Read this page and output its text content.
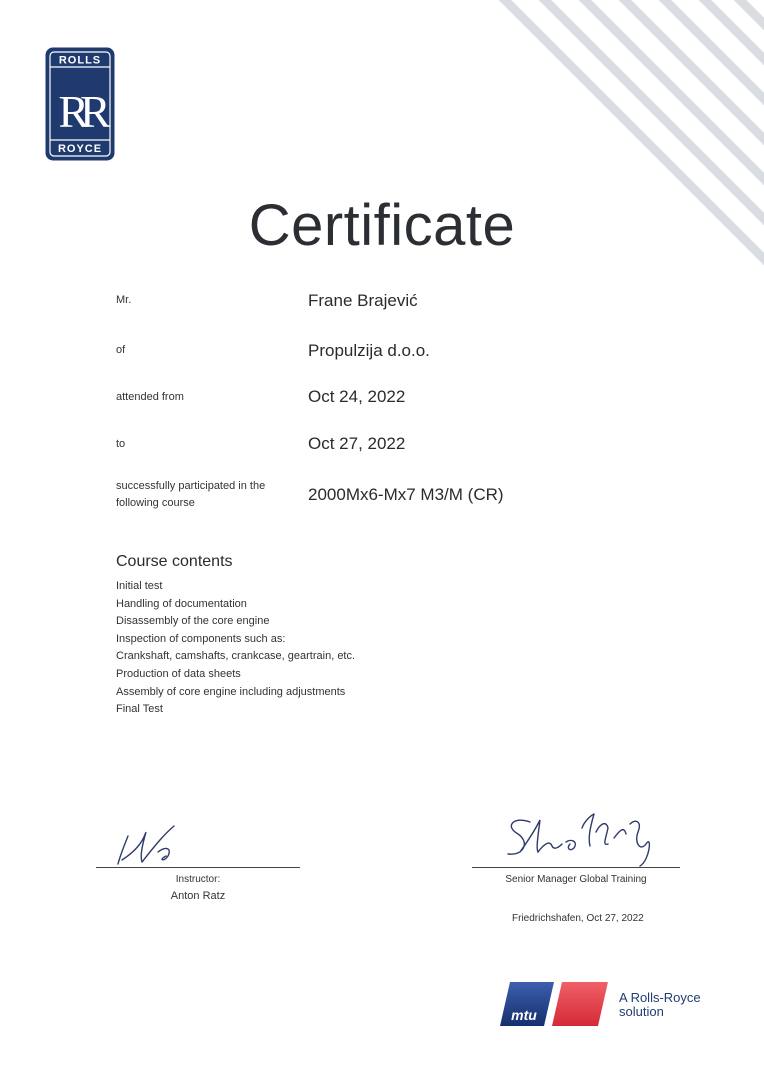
ROLLS
RR
ROYCE
Certificate
Mr.	Frane Brajević
of	Propulzija d.o.o.
attended from	Oct 24, 2022
to	Oct 27, 2022
successfully participated in the
following course	2000Mx6-Mx7 M3/M (CR)
Course contents
Initial test
Handling of documentation
Disassembly of the core engine
Inspection of components such as:
Crankshaft, camshafts, crankcase, geartrain, etc.
Production of data sheets
Assembly of core engine including adjustments
Final Test
Instructor:
Anton Ratz
Senior Manager Global Training
Friedrichshafen, Oct 27, 2022
mtu
A Rolls-Royce
solution
